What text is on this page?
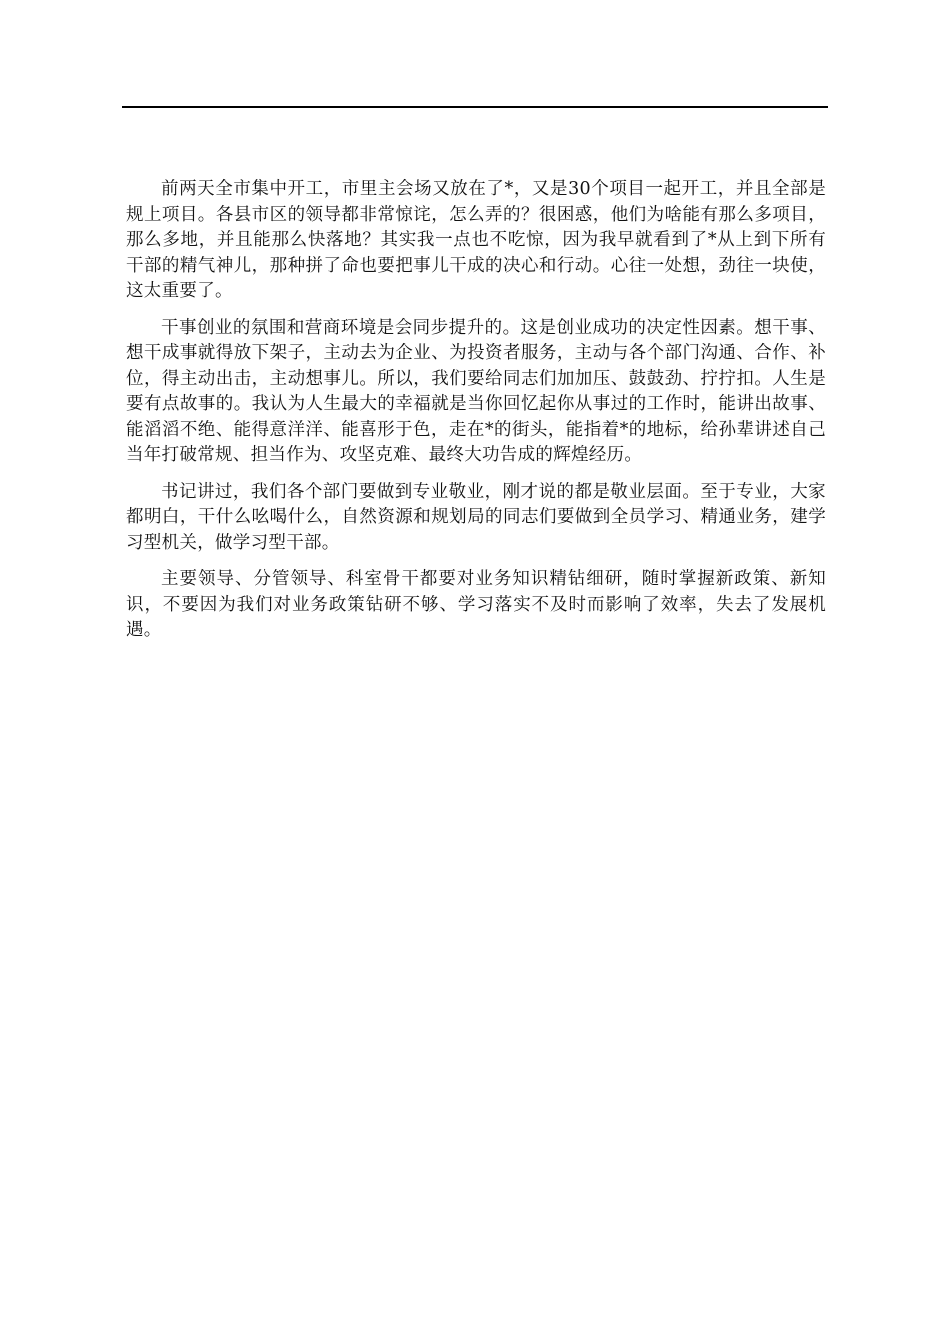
前两天全市集中开工，市里主会场又放在了*，又是30个项目一起开工，并且全部是规上项目。各县市区的领导都非常惊诧，怎么弄的？很困惑，他们为啥能有那么多项目，那么多地，并且能那么快落地？其实我一点也不吃惊，因为我早就看到了*从上到下所有干部的精气神儿，那种拼了命也要把事儿干成的决心和行动。心往一处想，劲往一块使，这太重要了。

干事创业的氛围和营商环境是会同步提升的。这是创业成功的决定性因素。想干事、想干成事就得放下架子，主动去为企业、为投资者服务，主动与各个部门沟通、合作、补位，得主动出击，主动想事儿。所以，我们要给同志们加加压、鼓鼓劲、拧拧扣。人生是要有点故事的。我认为人生最大的幸福就是当你回忆起你从事过的工作时，能讲出故事、能滔滔不绝、能得意洋洋、能喜形于色，走在*的街头，能指着*的地标，给孙辈讲述自己当年打破常规、担当作为、攻坚克难、最终大功告成的辉煌经历。

书记讲过，我们各个部门要做到专业敬业，刚才说的都是敬业层面。至于专业，大家都明白，干什么吆喝什么，自然资源和规划局的同志们要做到全员学习、精通业务，建学习型机关，做学习型干部。

主要领导、分管领导、科室骨干都要对业务知识精钻细研，随时掌握新政策、新知识，不要因为我们对业务政策钻研不够、学习落实不及时而影响了效率，失去了发展机遇。
